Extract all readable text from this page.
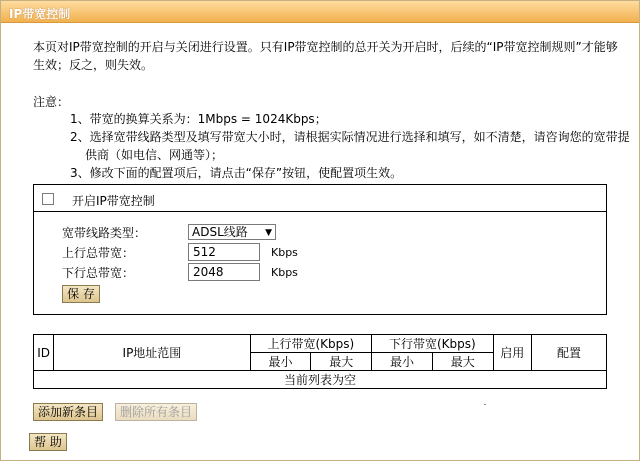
IP带宽控制
本页对IP带宽控制的开启与关闭进行设置。只有IP带宽控制的总开关为开启时，后续的“IP带宽控制规则”才能够生效；反之，则失效。
注意：
1、带宽的换算关系为：1Mbps = 1024Kbps；
2、选择宽带线路类型及填写带宽大小时，请根据实际情况进行选择和填写，如不清楚，请咨询您的宽带提
供商（如电信、网通等）；
3、修改下面的配置项后，请点击“保存”按钮，使配置项生效。
开启IP带宽控制
宽带线路类型：	ADSL线路 ▼
上行总带宽：	512	Kbps
下行总带宽：	2048	Kbps
保 存
ID	IP地址范围	上行带宽(Kbps)		下行带宽(Kbps)		启用	配置
		最小	最大	最小	最大		
当前列表为空							
添加新条目	删除所有条目
帮 助
